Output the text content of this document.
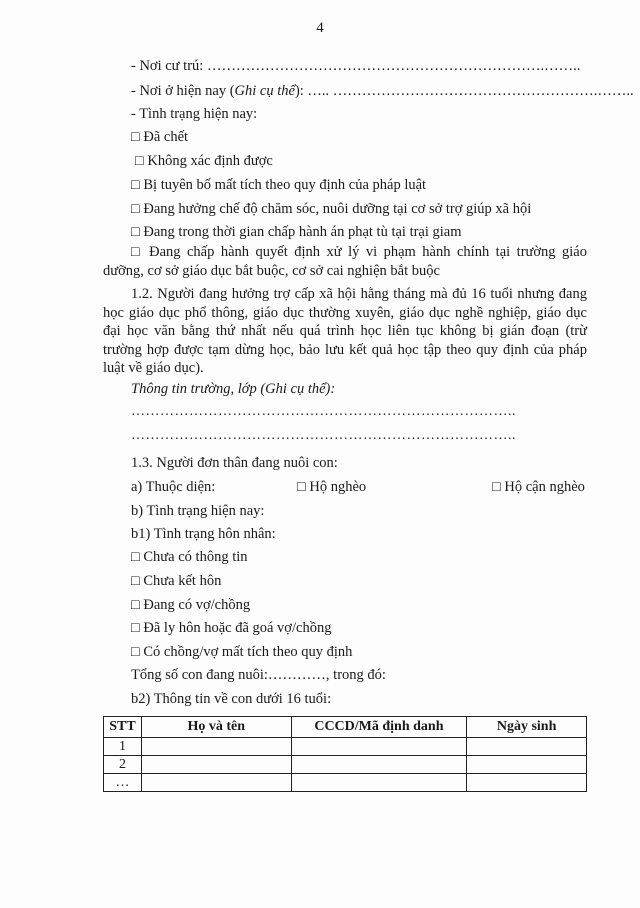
4
- Nơi cư trú: …………………………………………………………….……..
- Nơi ở hiện nay (Ghi cụ thể): ….. ……………………………………………….……..
- Tình trạng hiện nay:
□ Đã chết
□ Không xác định được
□ Bị tuyên bố mất tích theo quy định của pháp luật
□ Đang hưởng chế độ chăm sóc, nuôi dưỡng tại cơ sở trợ giúp xã hội
□ Đang trong thời gian chấp hành án phạt tù tại trại giam
□ Đang chấp hành quyết định xử lý vi phạm hành chính tại trường giáo dưỡng, cơ sở giáo dục bắt buộc, cơ sở cai nghiện bắt buộc
1.2. Người đang hưởng trợ cấp xã hội hằng tháng mà đủ 16 tuổi nhưng đang học giáo dục phổ thông, giáo dục thường xuyên, giáo dục nghề nghiệp, giáo dục đại học văn bằng thứ nhất nếu quá trình học liên tục không bị gián đoạn (trừ trường hợp được tạm dừng học, bảo lưu kết quả học tập theo quy định của pháp luật về giáo dục).
Thông tin trường, lớp (Ghi cụ thể):
……………………………………………………………………..
……………………………………………………………………..
1.3. Người đơn thân đang nuôi con:
a) Thuộc diện:	□ Hộ nghèo	□ Hộ cận nghèo
b) Tình trạng hiện nay:
b1) Tình trạng hôn nhân:
□ Chưa có thông tin
□ Chưa kết hôn
□ Đang có vợ/chồng
□ Đã ly hôn hoặc đã goá vợ/chồng
□ Có chồng/vợ mất tích theo quy định
Tổng số con đang nuôi:…………, trong đó:
b2) Thông tin về con dưới 16 tuổi:
STT	Họ và tên	CCCD/Mã định danh	Ngày sinh
1			
2			
…			
